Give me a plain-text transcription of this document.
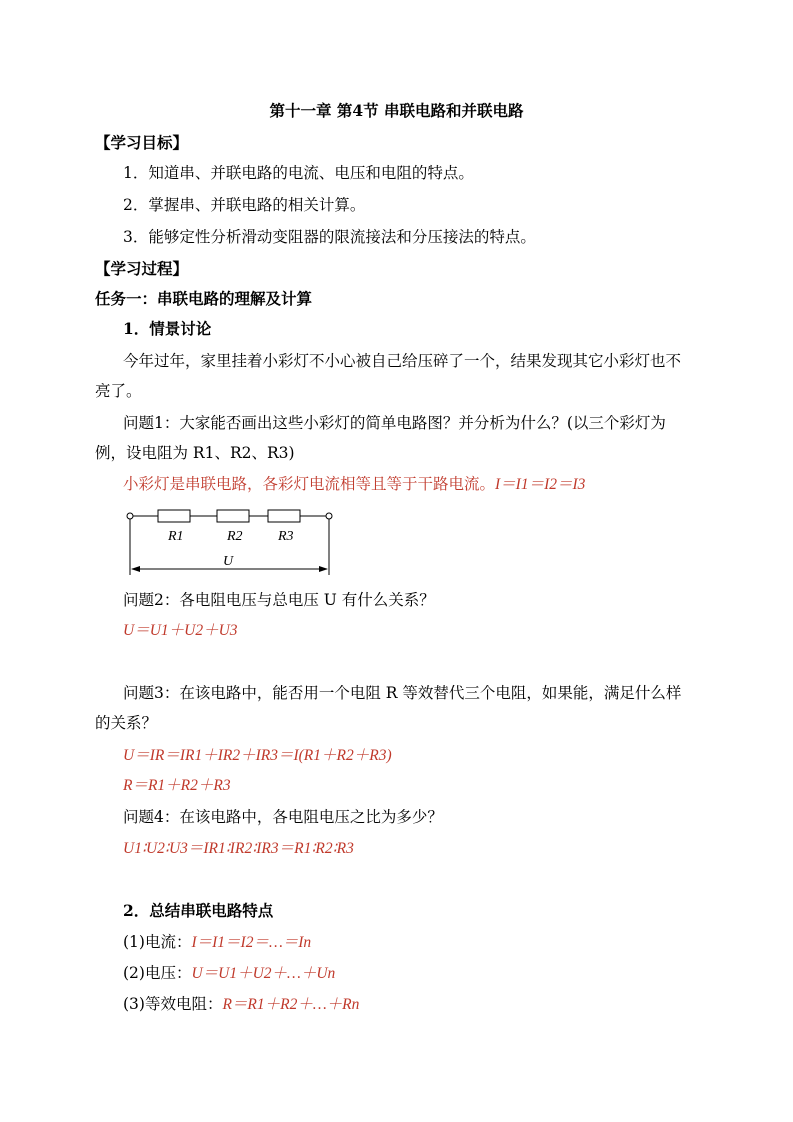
第十一章 第4节 串联电路和并联电路
【学习目标】
1．知道串、并联电路的电流、电压和电阻的特点。
2．掌握串、并联电路的相关计算。
3．能够定性分析滑动变阻器的限流接法和分压接法的特点。
【学习过程】
任务一：串联电路的理解及计算
1．情景讨论
今年过年，家里挂着小彩灯不小心被自己给压碎了一个，结果发现其它小彩灯也不
亮了。
问题1：大家能否画出这些小彩灯的简单电路图？并分析为什么？(以三个彩灯为
例，设电阻为 R1、R2、R3)
小彩灯是串联电路，各彩灯电流相等且等于干路电流。I＝I1＝I2＝I3
R1	R2	R3
U
问题2：各电阻电压与总电压 U 有什么关系？
U＝U1＋U2＋U3
问题3：在该电路中，能否用一个电阻 R 等效替代三个电阻，如果能，满足什么样
的关系？
U＝IR＝IR1＋IR2＋IR3＝I(R1＋R2＋R3)
R＝R1＋R2＋R3
问题4：在该电路中，各电阻电压之比为多少？
U1∶U2∶U3＝IR1∶IR2∶IR3＝R1∶R2∶R3
2．总结串联电路特点
(1)电流：I＝I1＝I2＝…＝In
(2)电压：U＝U1＋U2＋…＋Un
(3)等效电阻：R＝R1＋R2＋…＋Rn
